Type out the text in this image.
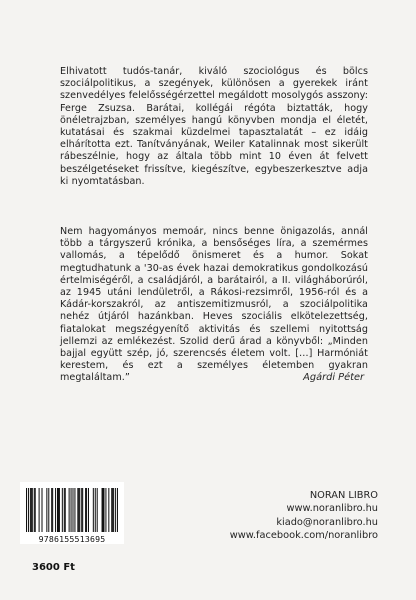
Elhivatott tudós-tanár, kiváló szociológus és bölcs szociálpolitikus, a szegények, különösen a gyerekek iránt szenvedélyes felelősségérzettel megáldott mosolygós asszony: Ferge Zsuzsa. Barátai, kollégái régóta biztatták, hogy önéletrajzban, személyes hangú könyvben mondja el életét, kutatásai és szakmai küzdelmei tapasztalatát – ez idáig elhárította ezt. Tanítványának, Weiler Katalinnak most sikerült rábeszélnie, hogy az általa több mint 10 éven át felvett beszélgetéseket frissítve, kiegészítve, egybeszerkesztve adja ki nyomtatásban.
Nem hagyományos memoár, nincs benne önigazolás, annál több a tárgyszerű krónika, a bensőséges líra, a szemérmes vallomás, a tépelődő önismeret és a humor. Sokat megtudhatunk a '30-as évek hazai demokratikus gondolkozású értelmiségéről, a családjáról, a barátairól, a II. világháborúról, az 1945 utáni lendületről, a Rákosi-rezsimről, 1956-ról és a Kádár-korszakról, az antiszemitizmusról, a szociálpolitika nehéz útjáról hazánkban. Heves szociális elkötelezettség, fiatalokat megszégyenítő aktivitás és szellemi nyitottság jellemzi az emlékezést. Szolid derű árad a könyvből: „Minden bajjal együtt szép, jó, szerencsés életem volt. […] Harmóniát kerestem, és ezt a személyes életemben gyakran megtaláltam.”	Agárdi Péter
NORAN LIBRO
www.noranlibro.hu
kiado@noranlibro.hu
www.facebook.com/noranlibro
9786155513695
3600 Ft
